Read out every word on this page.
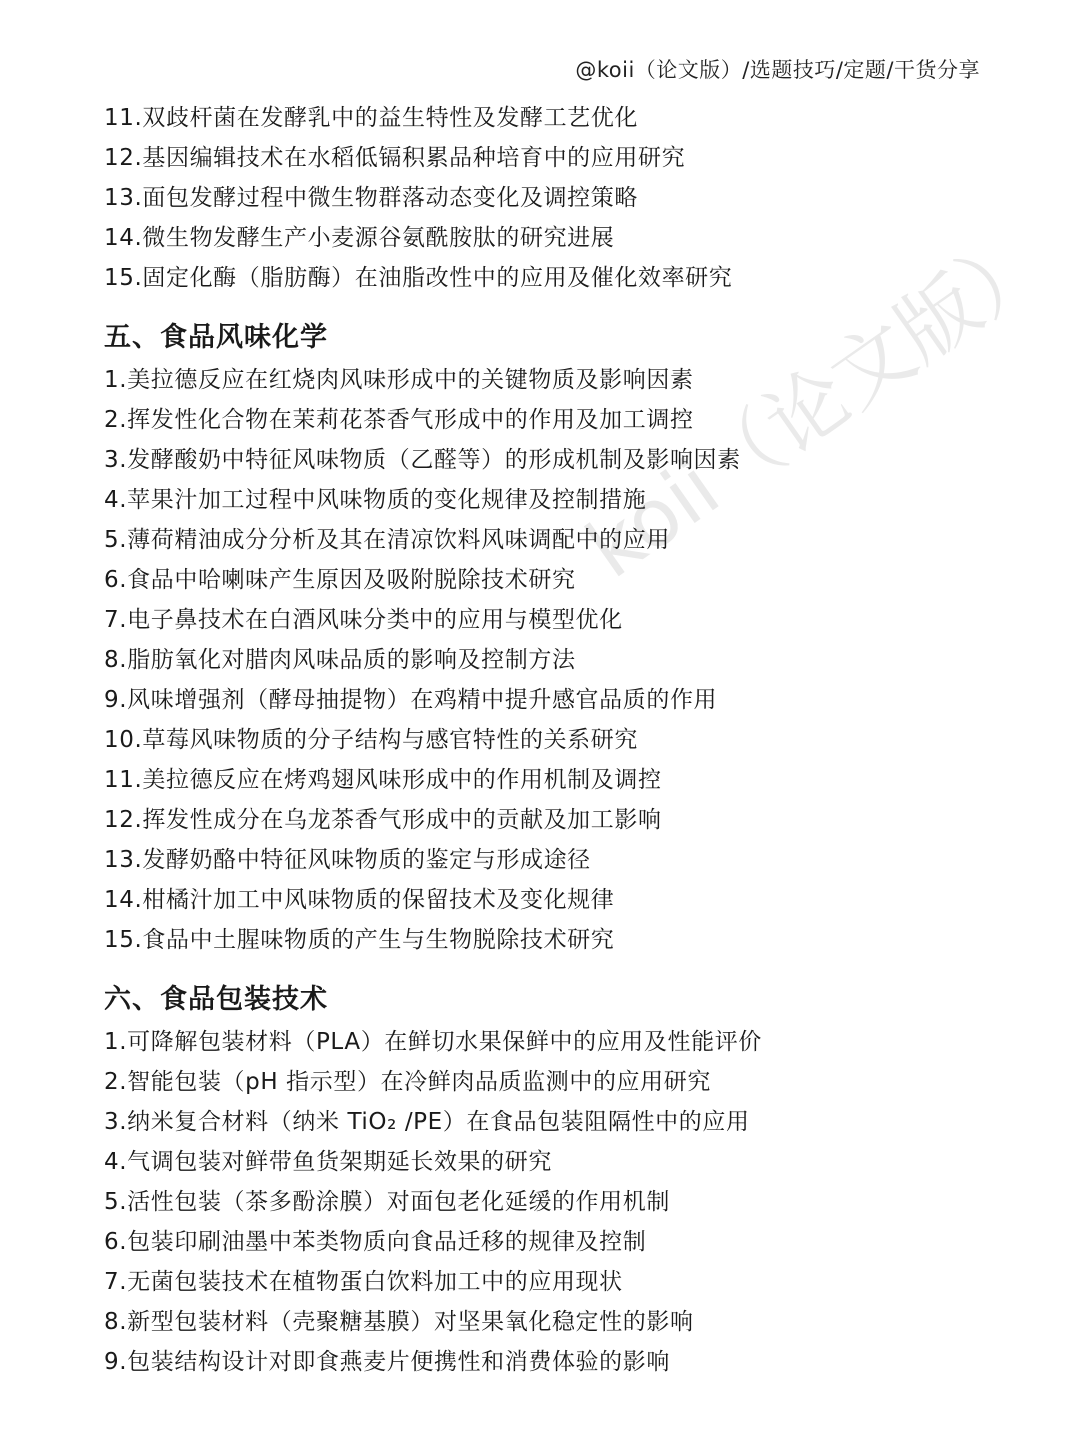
@koii（论文版）/选题技巧/定题/干货分享
koii（论文版）
11.双歧杆菌在发酵乳中的益生特性及发酵工艺优化
12.基因编辑技术在水稻低镉积累品种培育中的应用研究
13.面包发酵过程中微生物群落动态变化及调控策略
14.微生物发酵生产小麦源谷氨酰胺肽的研究进展
15.固定化酶（脂肪酶）在油脂改性中的应用及催化效率研究
五、食品风味化学
1.美拉德反应在红烧肉风味形成中的关键物质及影响因素
2.挥发性化合物在茉莉花茶香气形成中的作用及加工调控
3.发酵酸奶中特征风味物质（乙醛等）的形成机制及影响因素
4.苹果汁加工过程中风味物质的变化规律及控制措施
5.薄荷精油成分分析及其在清凉饮料风味调配中的应用
6.食品中哈喇味产生原因及吸附脱除技术研究
7.电子鼻技术在白酒风味分类中的应用与模型优化
8.脂肪氧化对腊肉风味品质的影响及控制方法
9.风味增强剂（酵母抽提物）在鸡精中提升感官品质的作用
10.草莓风味物质的分子结构与感官特性的关系研究
11.美拉德反应在烤鸡翅风味形成中的作用机制及调控
12.挥发性成分在乌龙茶香气形成中的贡献及加工影响
13.发酵奶酪中特征风味物质的鉴定与形成途径
14.柑橘汁加工中风味物质的保留技术及变化规律
15.食品中土腥味物质的产生与生物脱除技术研究
六、食品包装技术
1.可降解包装材料（PLA）在鲜切水果保鲜中的应用及性能评价
2.智能包装（pH 指示型）在冷鲜肉品质监测中的应用研究
3.纳米复合材料（纳米 TiO₂ /PE）在食品包装阻隔性中的应用
4.气调包装对鲜带鱼货架期延长效果的研究
5.活性包装（茶多酚涂膜）对面包老化延缓的作用机制
6.包装印刷油墨中苯类物质向食品迁移的规律及控制
7.无菌包装技术在植物蛋白饮料加工中的应用现状
8.新型包装材料（壳聚糖基膜）对坚果氧化稳定性的影响
9.包装结构设计对即食燕麦片便携性和消费体验的影响
